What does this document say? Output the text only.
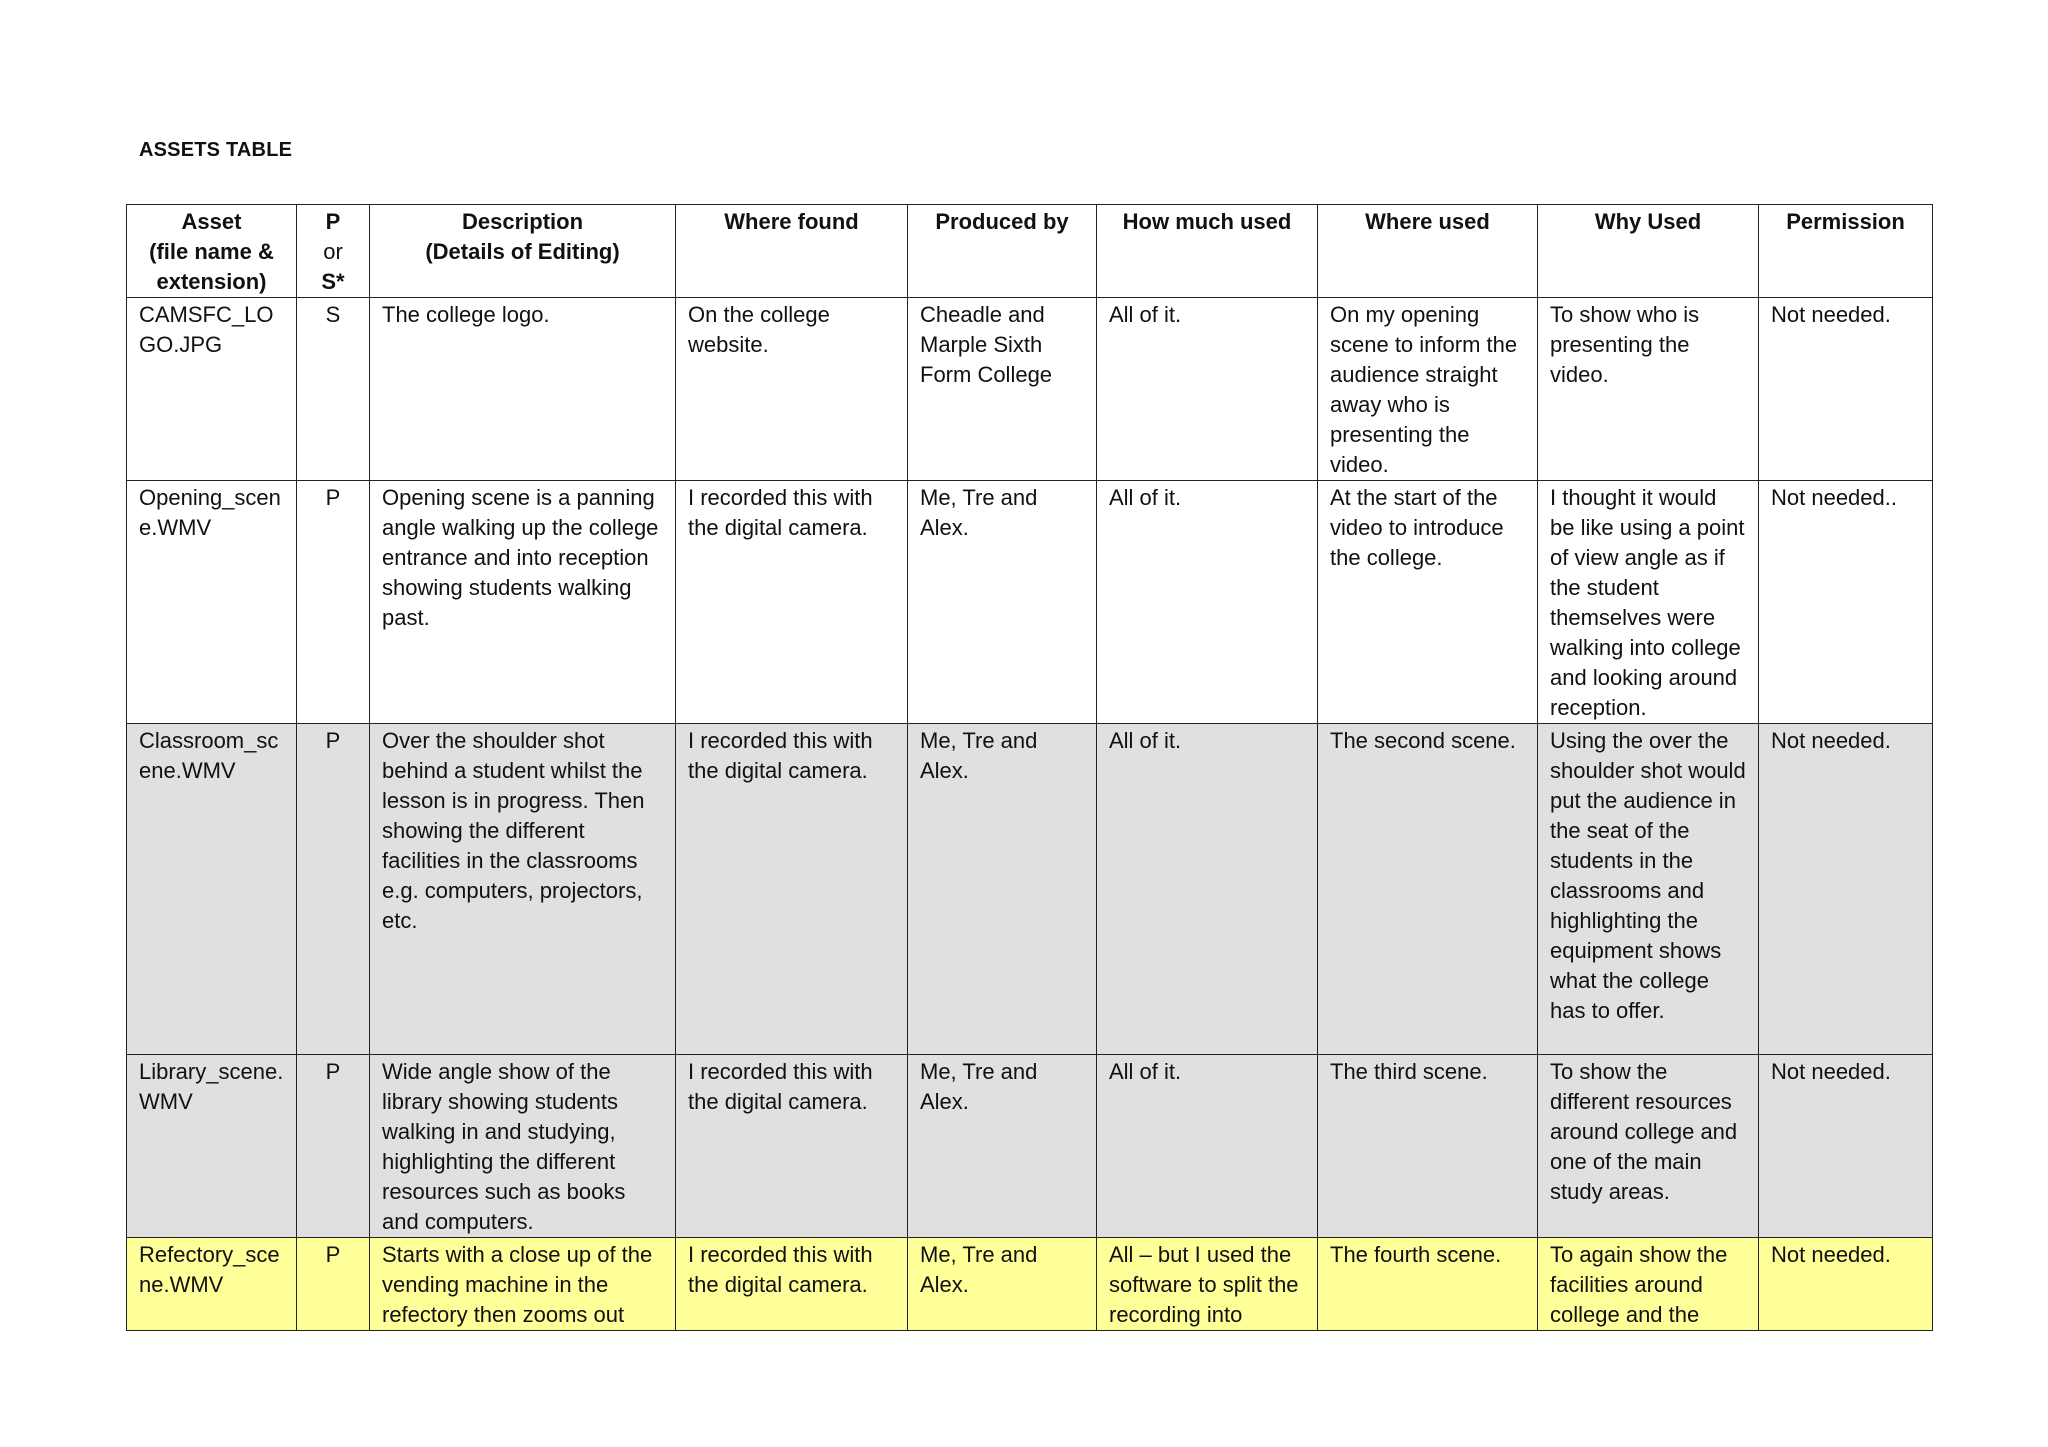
ASSETS TABLE
Asset
(file name &
extension)	P
or
S*	Description
(Details of Editing)	Where found	Produced by	How much used	Where used	Why Used	Permission

CAMSFC_LOGO.JPG	S	The college logo.	On the college website.	Cheadle and Marple Sixth Form College	All of it.	On my opening scene to inform the audience straight away who is presenting the video.	To show who is presenting the video.	Not needed.
Opening_scene.WMV	P	Opening scene is a panning angle walking up the college entrance and into reception showing students walking past.	I recorded this with the digital camera.	Me, Tre and Alex.	All of it.	At the start of the video to introduce the college.	I thought it would be like using a point of view angle as if the student themselves were walking into college and looking around reception.	Not needed..
Classroom_scene.WMV	P	Over the shoulder shot behind a student whilst the lesson is in progress. Then showing the different facilities in the classrooms e.g. computers, projectors, etc.	I recorded this with the digital camera.	Me, Tre and Alex.	All of it.	The second scene.	Using the over the shoulder shot would put the audience in the seat of the students in the classrooms and highlighting the equipment shows what the college has to offer.	Not needed.
Library_scene.WMV	P	Wide angle show of the library showing students walking in and studying, highlighting the different resources such as books and computers.	I recorded this with the digital camera.	Me, Tre and Alex.	All of it.	The third scene.	To show the different resources around college and one of the main study areas.	Not needed.
Refectory_scene.WMV	P	Starts with a close up of the vending machine in the refectory then zooms out	I recorded this with the digital camera.	Me, Tre and Alex.	All – but I used the software to split the recording into	The fourth scene.	To again show the facilities around college and the	Not needed.
